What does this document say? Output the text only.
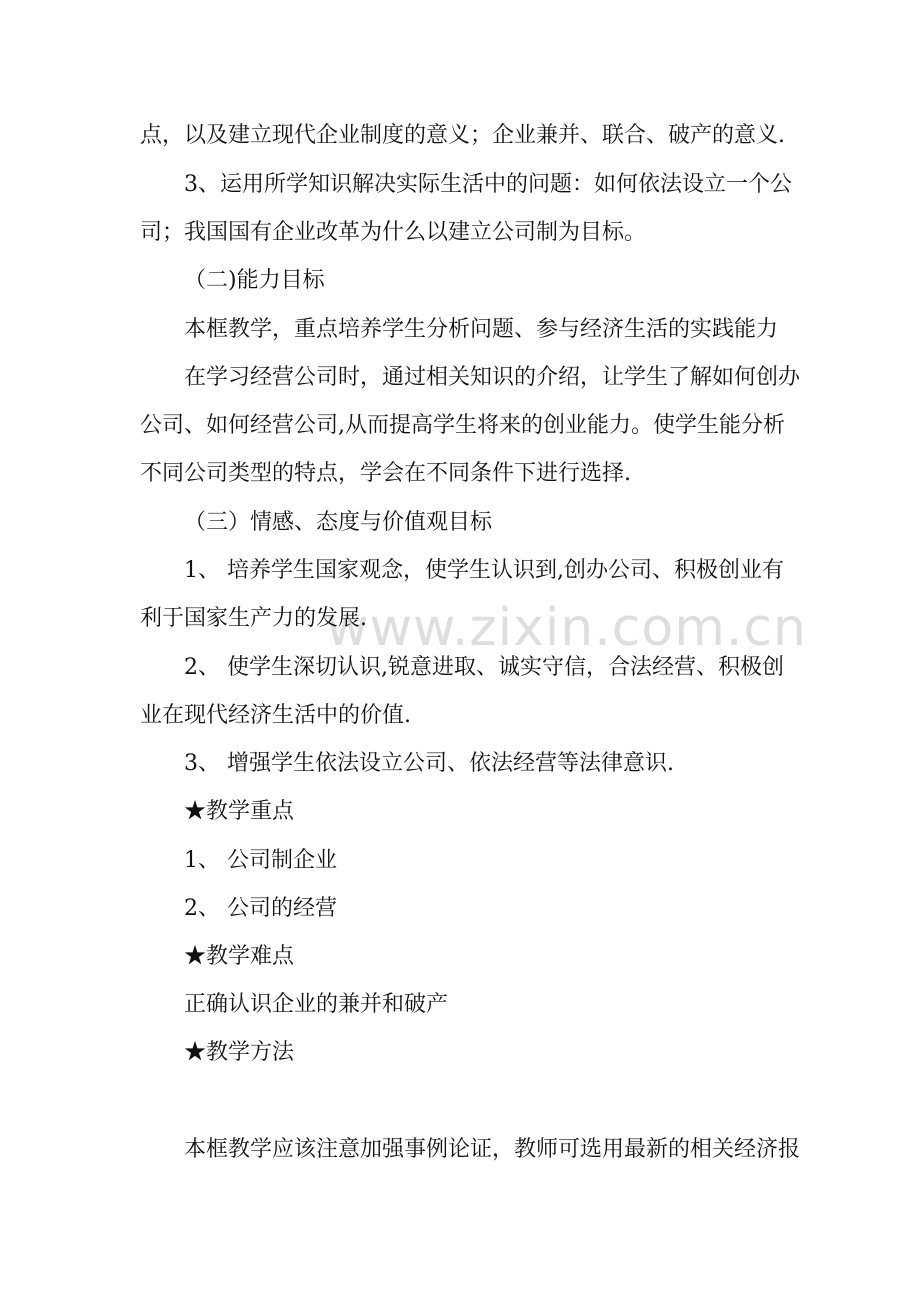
www.zixin.com.cn
点，以及建立现代企业制度的意义；企业兼并、联合、破产的意义.
3、运用所学知识解决实际生活中的问题：如何依法设立一个公
司；我国国有企业改革为什么以建立公司制为目标。
（二)能力目标
本框教学，重点培养学生分析问题、参与经济生活的实践能力
在学习经营公司时，通过相关知识的介绍，让学生了解如何创办
公司、如何经营公司,从而提高学生将来的创业能力。使学生能分析
不同公司类型的特点，学会在不同条件下进行选择.
（三）情感、态度与价值观目标
1、 培养学生国家观念，使学生认识到,创办公司、积极创业有
利于国家生产力的发展.
2、 使学生深切认识,锐意进取、诚实守信，合法经营、积极创
业在现代经济生活中的价值.
3、 增强学生依法设立公司、依法经营等法律意识.
★教学重点
1、 公司制企业
2、 公司的经营
★教学难点
正确认识企业的兼并和破产
★教学方法
本框教学应该注意加强事例论证，教师可选用最新的相关经济报
